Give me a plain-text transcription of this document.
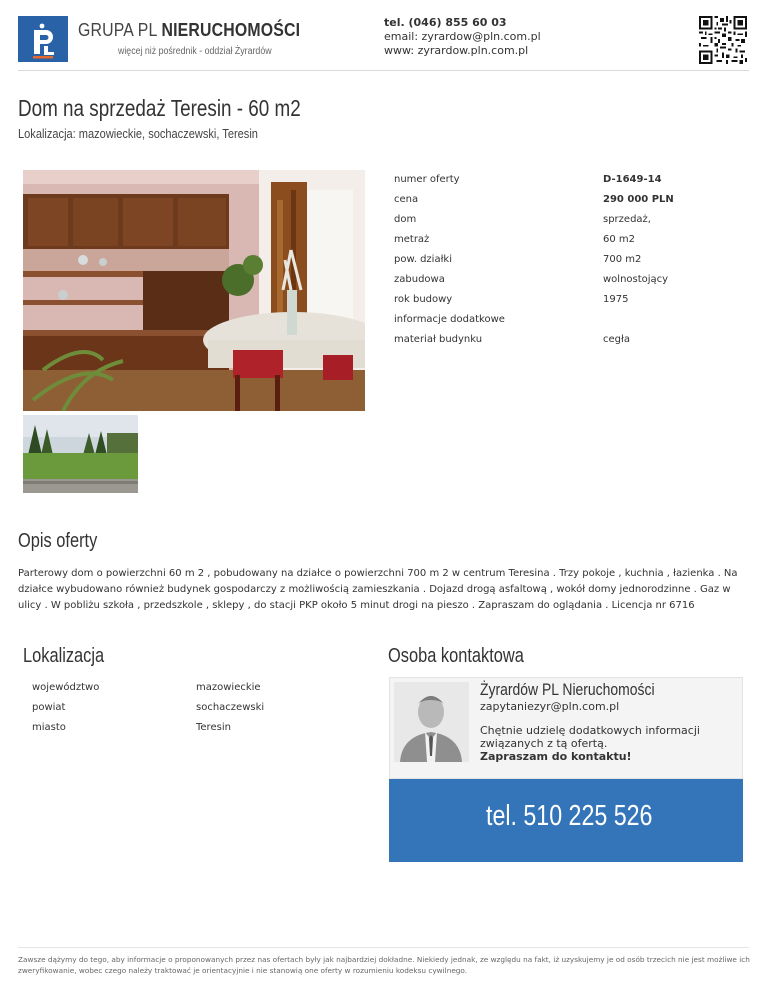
GRUPA PL NIERUCHOMOŚCI
więcej niż pośrednik - oddział Żyrardów
tel. (046) 855 60 03
email: zyrardow@pln.com.pl
www: zyrardow.pln.com.pl
Dom na sprzedaż Teresin - 60 m2
Lokalizacja: mazowieckie, sochaczewski, Teresin
numer oferty	D-1649-14
cena	290 000 PLN
dom	sprzedaż,
metraż	60 m2
pow. działki	700 m2
zabudowa	wolnostojący
rok budowy	1975
informacje dodatkowe
materiał budynku	cegła
Opis oferty

Parterowy dom o powierzchni 60 m 2 , pobudowany na działce o powierzchni 700 m 2 w centrum Teresina . Trzy pokoje , kuchnia , łazienka . Na działce wybudowano również budynek gospodarczy z możliwością zamieszkania . Dojazd drogą asfaltową , wokół domy jednorodzinne . Gaz w ulicy . W pobliżu szkoła , przedszkole , sklepy , do stacji PKP około 5 minut drogi na pieszo . Zapraszam do oglądania . Licencja nr 6716

Lokalizacja
województwo	mazowieckie
powiat	sochaczewski
miasto	Teresin
Osoba kontaktowa
Żyrardów PL Nieruchomości
zapytaniezyr@pln.com.pl
Chętnie udzielę dodatkowych informacji związanych z tą ofertą.
Zapraszam do kontaktu!
tel. 510 225 526

Zawsze dążymy do tego, aby informacje o proponowanych przez nas ofertach były jak najbardziej dokładne. Niekiedy jednak, ze względu na fakt, iż uzyskujemy je od osób trzecich nie jest możliwe ich zweryfikowanie, wobec czego należy traktować je orientacyjnie i nie stanowią one oferty w rozumieniu kodeksu cywilnego.
